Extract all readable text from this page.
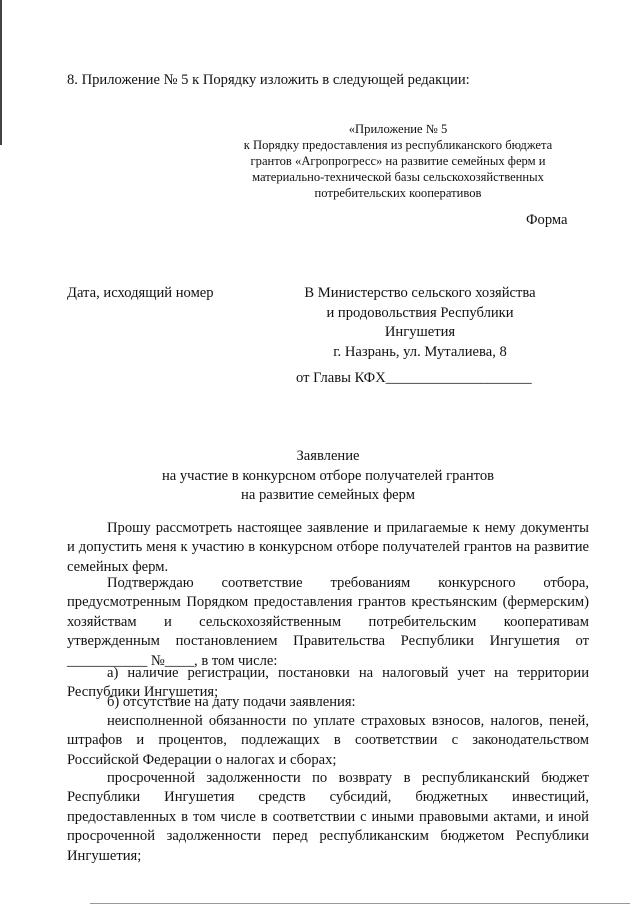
8. Приложение № 5 к Порядку изложить в следующей редакции:
«Приложение № 5
к Порядку предоставления из республиканского бюджета
грантов «Агропрогресс» на развитие семейных ферм и
материально-технической базы сельскохозяйственных
потребительских кооперативов
Форма
Дата, исходящий номер	В Министерство сельского хозяйства
и продовольствия Республики
Ингушетия
г. Назрань, ул. Муталиева, 8
от Главы КФХ____________________
Заявление
на участие в конкурсном отборе получателей грантов
на развитие семейных ферм
Прошу рассмотреть настоящее заявление и прилагаемые к нему документы и допустить меня к участию в конкурсном отборе получателей грантов на развитие семейных ферм.
Подтверждаю соответствие требованиям конкурсного отбора, предусмотренным Порядком предоставления грантов крестьянским (фермерским) хозяйствам и сельскохозяйственным потребительским кооперативам утвержденным постановлением Правительства Республики Ингушетия от ___________ №____, в том числе:
а) наличие регистрации, постановки на налоговый учет на территории Республики Ингушетия;
б) отсутствие на дату подачи заявления:
неисполненной обязанности по уплате страховых взносов, налогов, пеней, штрафов и процентов, подлежащих в соответствии с законодательством Российской Федерации о налогах и сборах;
просроченной задолженности по возврату в республиканский бюджет Республики Ингушетия средств субсидий, бюджетных инвестиций, предоставленных в том числе в соответствии с иными правовыми актами, и иной просроченной задолженности перед республиканским бюджетом Республики Ингушетия;
